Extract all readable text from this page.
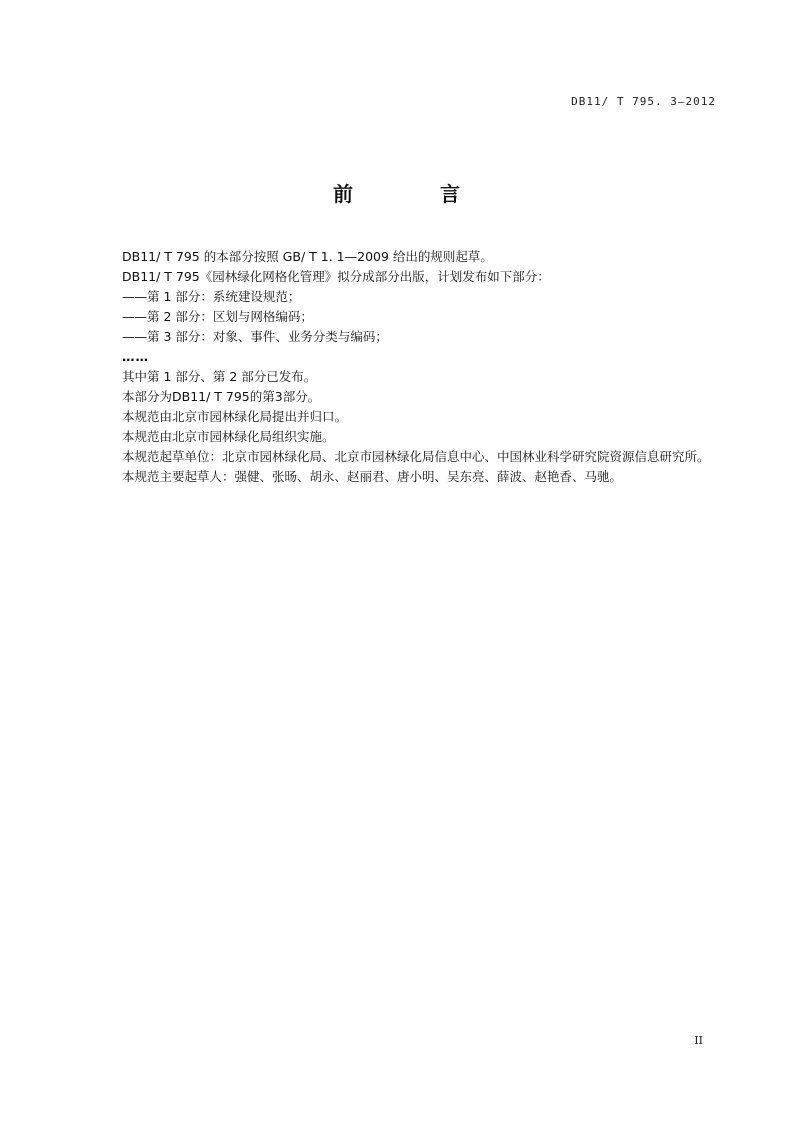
DB11/ T 795. 3—2012
前 言

DB11/ T 795 的本部分按照 GB/ T 1. 1—2009 给出的规则起草。

DB11/ T 795《园林绿化网格化管理》拟分成部分出版，计划发布如下部分：

——第 1 部分：系统建设规范；

——第 2 部分：区划与网格编码；

——第 3 部分：对象、事件、业务分类与编码；

……

其中第 1 部分、第 2 部分已发布。

本部分为DB11/ T 795的第3部分。

本规范由北京市园林绿化局提出并归口。

本规范由北京市园林绿化局组织实施。

本规范起草单位：北京市园林绿化局、北京市园林绿化局信息中心、中国林业科学研究院资源信息研究所。

本规范主要起草人：强健、张旸、胡永、赵丽君、唐小明、吴东亮、薛波、赵艳香、马驰。

II
